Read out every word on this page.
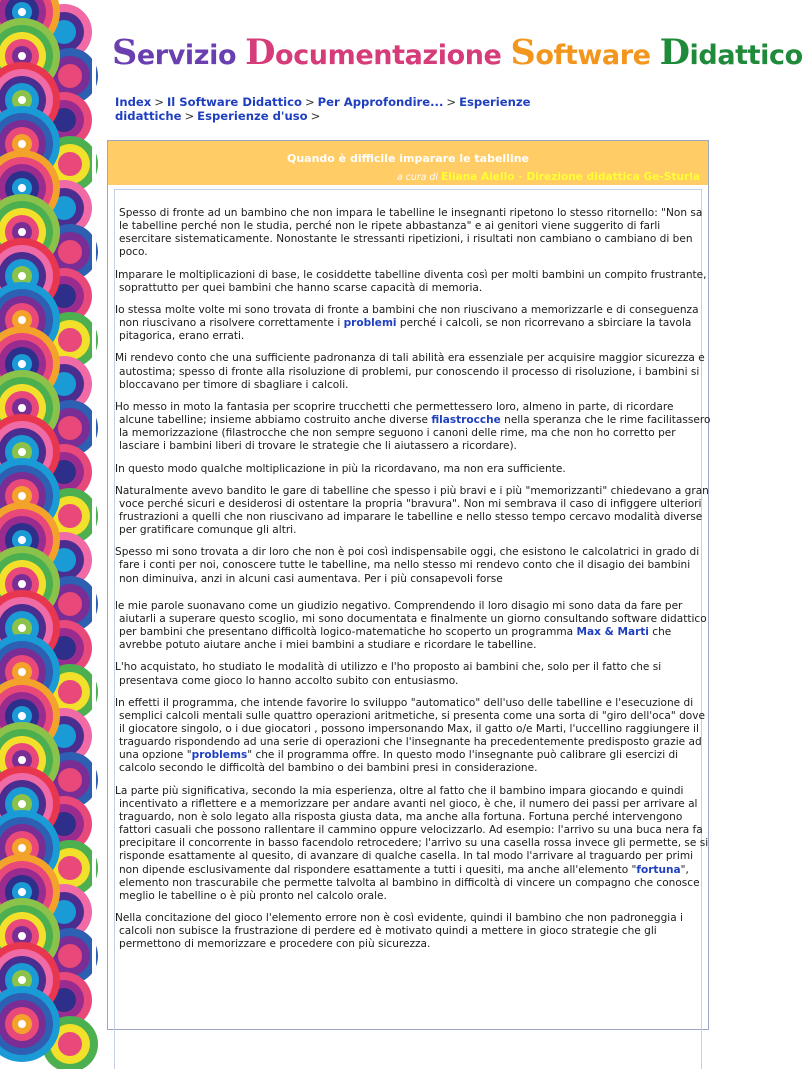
Servizio Documentazione Software Didattico
Index > Il Software Didattico > Per Approfondire... > Esperienze didattiche > Esperienze d'uso >
Quando è difficile imparare le tabelline
a cura di Eliana Aiello - Direzione didattica Ge-Sturla

Spesso di fronte ad un bambino che non impara le tabelline le insegnanti ripetono lo stesso ritornello: "Non sa le tabelline perché non le studia, perché non le ripete abbastanza" e ai genitori viene suggerito di farli esercitare sistematicamente. Nonostante le stressanti ripetizioni, i risultati non cambiano o cambiano di ben poco.

Imparare le moltiplicazioni di base, le cosiddette tabelline diventa così per molti bambini un compito frustrante, soprattutto per quei bambini che hanno scarse capacità di memoria.

Io stessa molte volte mi sono trovata di fronte a bambini che non riuscivano a memorizzarle e di conseguenza non riuscivano a risolvere correttamente i problemi perché i calcoli, se non ricorrevano a sbirciare la tavola pitagorica, erano errati.

Mi rendevo conto che una sufficiente padronanza di tali abilità era essenziale per acquisire maggior sicurezza e autostima; spesso di fronte alla risoluzione di problemi, pur conoscendo il processo di risoluzione, i bambini si bloccavano per timore di sbagliare i calcoli.

Ho messo in moto la fantasia per scoprire trucchetti che permettessero loro, almeno in parte, di ricordare alcune tabelline; insieme abbiamo costruito anche diverse filastrocche nella speranza che le rime facilitassero la memorizzazione (filastrocche che non sempre seguono i canoni delle rime, ma che non ho corretto per lasciare i bambini liberi di trovare le strategie che li aiutassero a ricordare).

In questo modo qualche moltiplicazione in più la ricordavano, ma non era sufficiente.

Naturalmente avevo bandito le gare di tabelline che spesso i più bravi e i più "memorizzanti" chiedevano a gran voce perché sicuri e desiderosi di ostentare la propria "bravura". Non mi sembrava il caso di infiggere ulteriori frustrazioni a quelli che non riuscivano ad imparare le tabelline e nello stesso tempo cercavo modalità diverse per gratificare comunque gli altri.

Spesso mi sono trovata a dir loro che non è poi così indispensabile oggi, che esistono le calcolatrici in grado di fare i conti per noi, conoscere tutte le tabelline, ma nello stesso mi rendevo conto che il disagio dei bambini non diminuiva, anzi in alcuni casi aumentava. Per i più consapevoli forse

le mie parole suonavano come un giudizio negativo. Comprendendo il loro disagio mi sono data da fare per aiutarli a superare questo scoglio, mi sono documentata e finalmente un giorno consultando software didattico per bambini che presentano difficoltà logico-matematiche ho scoperto un programma Max & Marti che avrebbe potuto aiutare anche i miei bambini a studiare e ricordare le tabelline.

L'ho acquistato, ho studiato le modalità di utilizzo e l'ho proposto ai bambini che, solo per il fatto che si presentava come gioco lo hanno accolto subito con entusiasmo.

In effetti il programma, che intende favorire lo sviluppo "automatico" dell'uso delle tabelline e l'esecuzione di semplici calcoli mentali sulle quattro operazioni aritmetiche, si presenta come una sorta di "giro dell'oca" dove il giocatore singolo, o i due giocatori , possono impersonando Max, il gatto o/e Marti, l'uccellino raggiungere il traguardo rispondendo ad una serie di operazioni che l'insegnante ha precedentemente predisposto grazie ad una opzione "problems" che il programma offre. In questo modo l'insegnante può calibrare gli esercizi di calcolo secondo le difficoltà del bambino o dei bambini presi in considerazione.

La parte più significativa, secondo la mia esperienza, oltre al fatto che il bambino impara giocando e quindi incentivato a riflettere e a memorizzare per andare avanti nel gioco, è che, il numero dei passi per arrivare al traguardo, non è solo legato alla risposta giusta data, ma anche alla fortuna. Fortuna perché intervengono fattori casuali che possono rallentare il cammino oppure velocizzarlo. Ad esempio: l'arrivo su una buca nera fa precipitare il concorrente in basso facendolo retrocedere; l'arrivo su una casella rossa invece gli permette, se si risponde esattamente al quesito, di avanzare di qualche casella. In tal modo l'arrivare al traguardo per primi non dipende esclusivamente dal rispondere esattamente a tutti i quesiti, ma anche all'elemento "fortuna", elemento non trascurabile che permette talvolta al bambino in difficoltà di vincere un compagno che conosce meglio le tabelline o è più pronto nel calcolo orale.

Nella concitazione del gioco l'elemento errore non è così evidente, quindi il bambino che non padroneggia i calcoli non subisce la frustrazione di perdere ed è motivato quindi a mettere in gioco strategie che gli permettono di memorizzare e procedere con più sicurezza.
